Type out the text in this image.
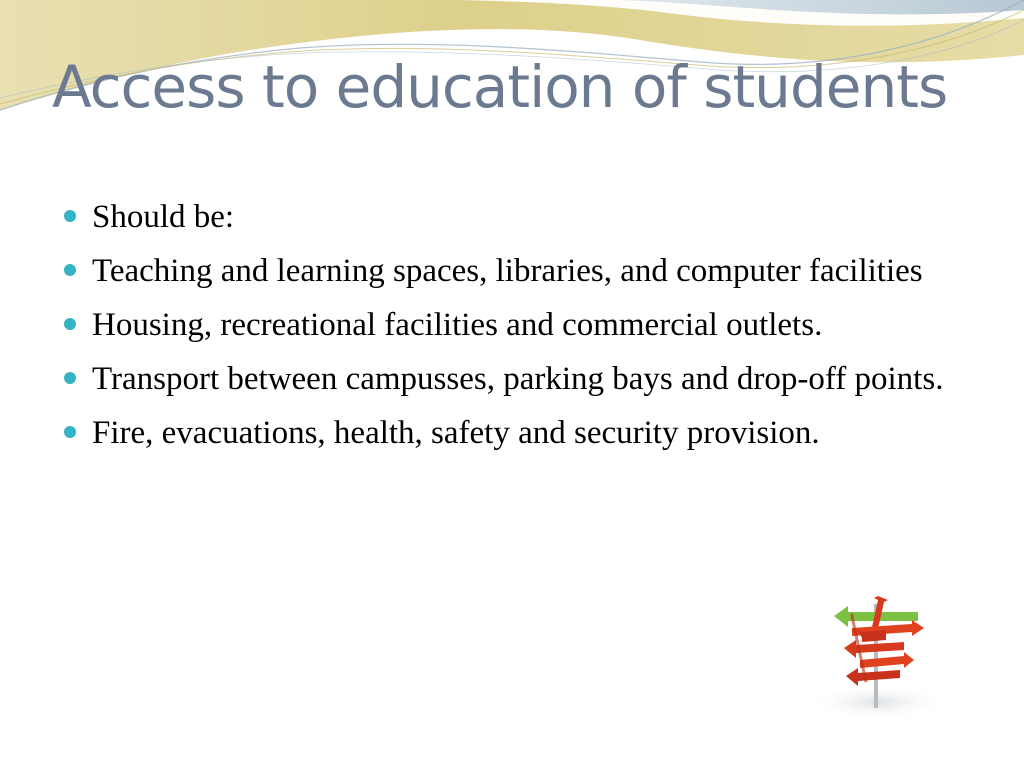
Access to education of students
Should be:
Teaching and learning spaces, libraries, and computer facilities
Housing, recreational facilities and commercial outlets.
Transport between campusses, parking bays and drop-off points.
Fire, evacuations, health, safety and security provision.
